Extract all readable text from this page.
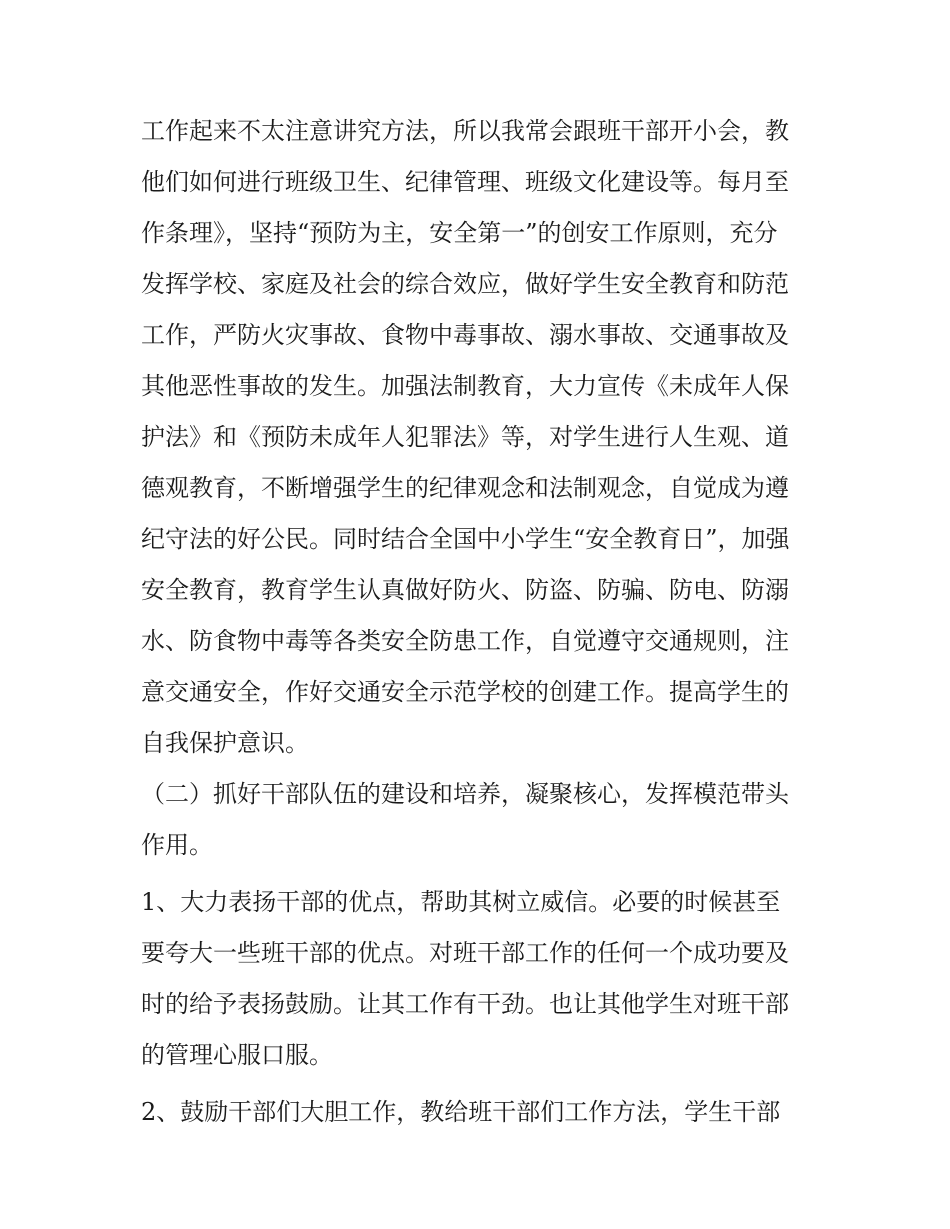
工作起来不太注意讲究方法，所以我常会跟班干部开小会，教
他们如何进行班级卫生、纪律管理、班级文化建设等。每月至
作条理》，坚持“预防为主，安全第一”的创安工作原则，充分
发挥学校、家庭及社会的综合效应，做好学生安全教育和防范
工作，严防火灾事故、食物中毒事故、溺水事故、交通事故及
其他恶性事故的发生。加强法制教育，大力宣传《未成年人保
护法》和《预防未成年人犯罪法》等，对学生进行人生观、道
德观教育，不断增强学生的纪律观念和法制观念，自觉成为遵
纪守法的好公民。同时结合全国中小学生“安全教育日”，加强
安全教育，教育学生认真做好防火、防盗、防骗、防电、防溺
水、防食物中毒等各类安全防患工作，自觉遵守交通规则，注
意交通安全，作好交通安全示范学校的创建工作。提高学生的
自我保护意识。
（二）抓好干部队伍的建设和培养，凝聚核心，发挥模范带头
作用。
1、大力表扬干部的优点，帮助其树立威信。必要的时候甚至
要夸大一些班干部的优点。对班干部工作的任何一个成功要及
时的给予表扬鼓励。让其工作有干劲。也让其他学生对班干部
的管理心服口服。
2、鼓励干部们大胆工作，教给班干部们工作方法，学生干部
